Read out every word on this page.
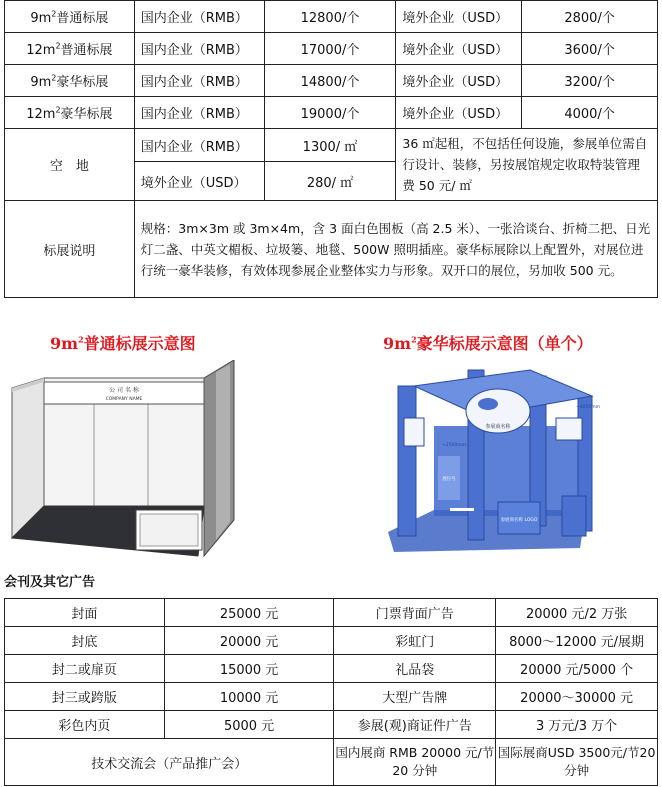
$9m^2$普通标展	国内企业（RMB）	12800/个	境外企业（USD）	2800/个
$12m^2$普通标展	国内企业（RMB）	17000/个	境外企业（USD）	3600/个
$9m^2$豪华标展	国内企业（RMB）	14800/个	境外企业（USD）	3200/个
$12m^2$豪华标展	国内企业（RMB）	19000/个	境外企业（USD）	4000/个
空　地	国内企业（RMB）	1300/ ㎡	36 ㎡起租，不包括任何设施，参展单位需自行设计、装修，另按展馆规定收取特装管理费 50 元/ ㎡	
	境外企业（USD）	280/ ㎡		
标展说明	规格：3m×3m 或 3m×4m，含 3 面白色围板（高 2.5 米）、一张洽谈台、折椅二把、日光灯二盏、中英文楣板、垃圾篓、地毯、500W 照明插座。豪华标展除以上配置外，对展位进行统一豪华装修，有效体现参展企业整体实力与形象。双开口的展位，另加收 500 元。			
$9m^2$普通标展示意图	$9m^2$豪华标展示意图（单个）
公 司 名 称
COMPANY NAME
参展商名称
展位号
参展商名称 LOGO
+2500mm
+4000mm
会刊及其它广告
封面	25000 元	门票背面广告	20000 元/2 万张
封底	20000 元	彩虹门	8000～12000 元/展期
封二或扉页	15000 元	礼品袋	20000 元/5000 个
封三或跨版	10000 元	大型广告牌	20000～30000 元
彩色内页	5000 元	参展(观)商证件广告	3 万元/3 万个
技术交流会（产品推广会）		国内展商 RMB 20000 元/节 20 分钟	国际展商USD 3500元/节20分钟
